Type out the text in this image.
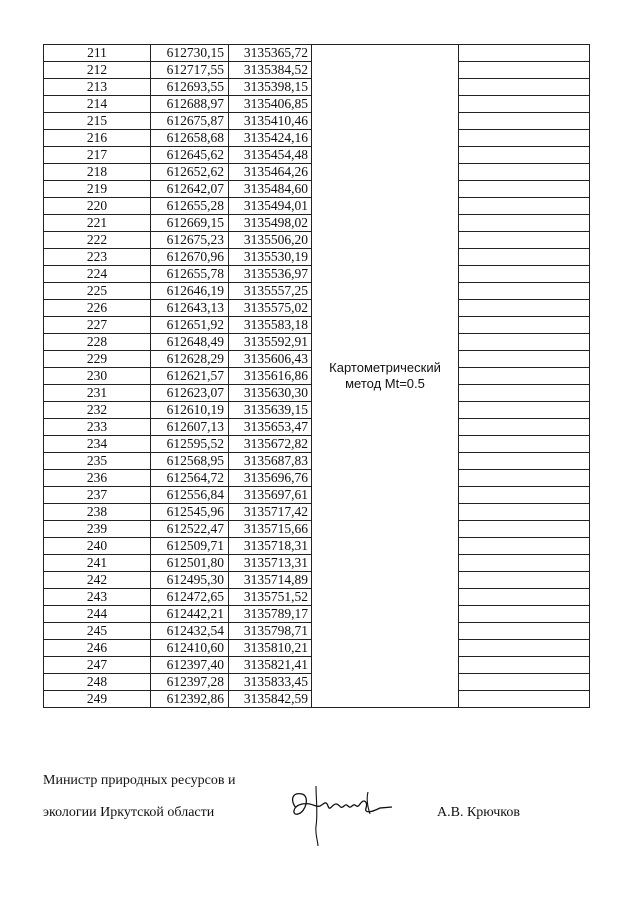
211	612730,15	3135365,72	Картометрический метод Mt=0.5	
212	612717,55	3135384,52		
213	612693,55	3135398,15		
214	612688,97	3135406,85		
215	612675,87	3135410,46		
216	612658,68	3135424,16		
217	612645,62	3135454,48		
218	612652,62	3135464,26		
219	612642,07	3135484,60		
220	612655,28	3135494,01		
221	612669,15	3135498,02		
222	612675,23	3135506,20		
223	612670,96	3135530,19		
224	612655,78	3135536,97		
225	612646,19	3135557,25		
226	612643,13	3135575,02		
227	612651,92	3135583,18		
228	612648,49	3135592,91		
229	612628,29	3135606,43		
230	612621,57	3135616,86		
231	612623,07	3135630,30		
232	612610,19	3135639,15		
233	612607,13	3135653,47		
234	612595,52	3135672,82		
235	612568,95	3135687,83		
236	612564,72	3135696,76		
237	612556,84	3135697,61		
238	612545,96	3135717,42		
239	612522,47	3135715,66		
240	612509,71	3135718,31		
241	612501,80	3135713,31		
242	612495,30	3135714,89		
243	612472,65	3135751,52		
244	612442,21	3135789,17		
245	612432,54	3135798,71		
246	612410,60	3135810,21		
247	612397,40	3135821,41		
248	612397,28	3135833,45		
249	612392,86	3135842,59		
Министр природных ресурсов и
экологии Иркутской области	А.В. Крючков
